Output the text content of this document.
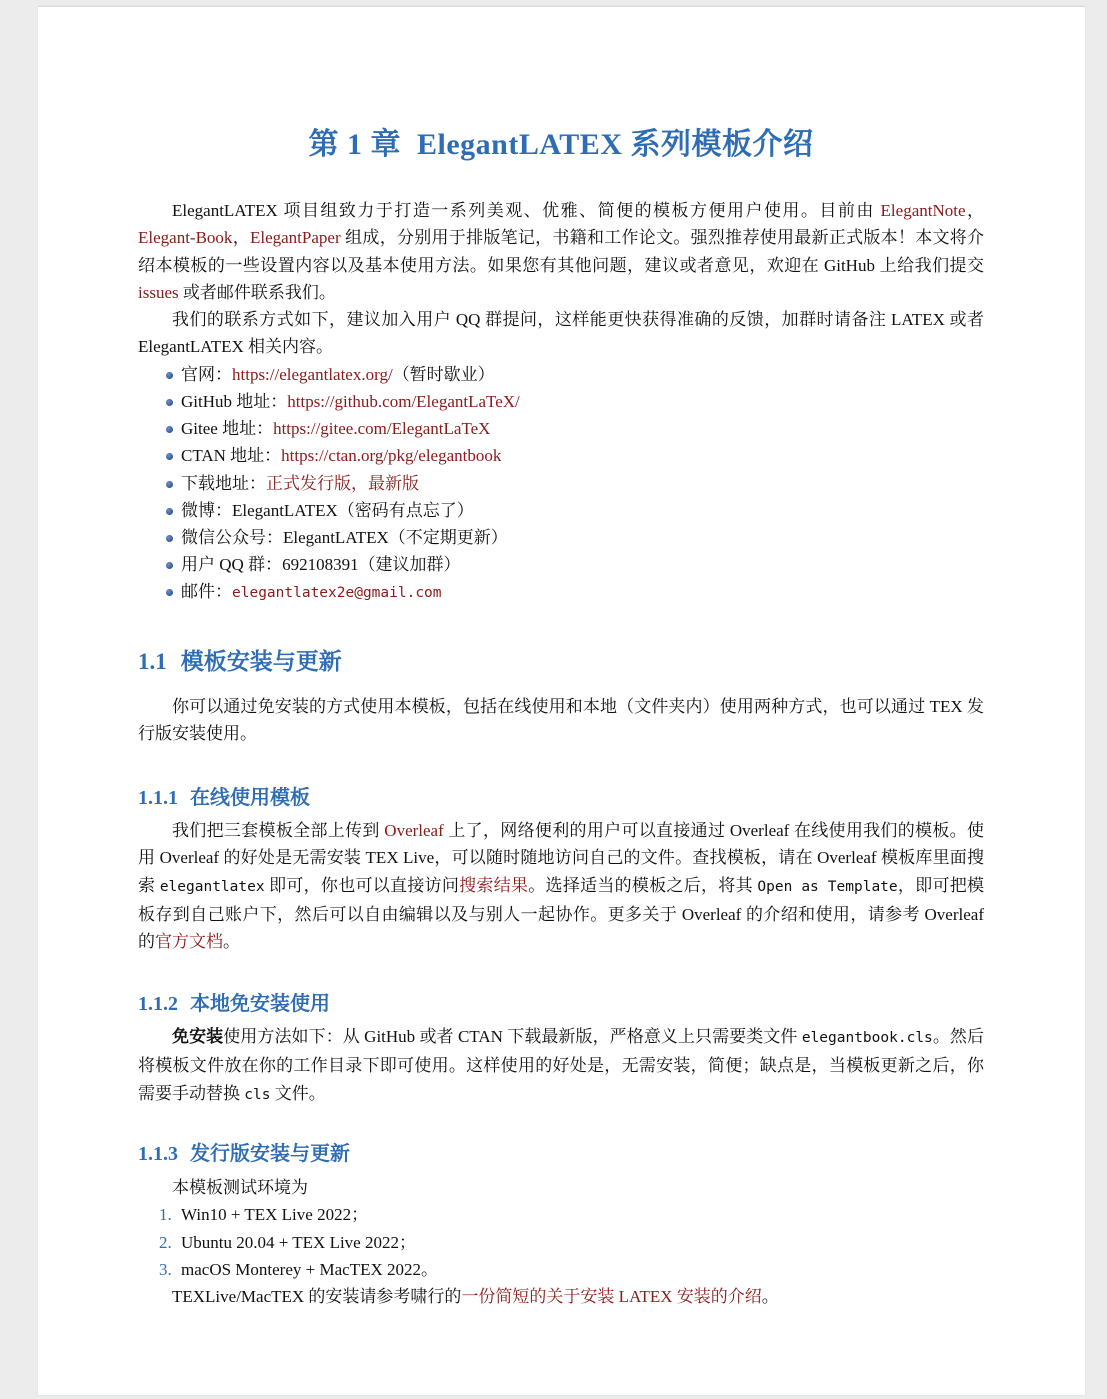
第 1 章 ElegantLATEX 系列模板介绍

ElegantLATEX 项目组致力于打造一系列美观、优雅、简便的模板方便用户使用。目前由 ElegantNote，Elegant-Book，ElegantPaper 组成，分别用于排版笔记，书籍和工作论文。强烈推荐使用最新正式版本！本文将介绍本模板的一些设置内容以及基本使用方法。如果您有其他问题，建议或者意见，欢迎在 GitHub 上给我们提交 issues 或者邮件联系我们。

我们的联系方式如下，建议加入用户 QQ 群提问，这样能更快获得准确的反馈，加群时请备注 LATEX 或者 ElegantLATEX 相关内容。

官网：https://elegantlatex.org/（暂时歇业）
GitHub 地址：https://github.com/ElegantLaTeX/
Gitee 地址：https://gitee.com/ElegantLaTeX
CTAN 地址：https://ctan.org/pkg/elegantbook
下载地址：正式发行版，最新版
微博：ElegantLATEX（密码有点忘了）
微信公众号：ElegantLATEX（不定期更新）
用户 QQ 群：692108391（建议加群）
邮件：elegantlatex2e@gmail.com
1.1 模板安装与更新

你可以通过免安装的方式使用本模板，包括在线使用和本地（文件夹内）使用两种方式，也可以通过 TEX 发行版安装使用。

1.1.1 在线使用模板

我们把三套模板全部上传到 Overleaf 上了，网络便利的用户可以直接通过 Overleaf 在线使用我们的模板。使用 Overleaf 的好处是无需安装 TEX Live，可以随时随地访问自己的文件。查找模板，请在 Overleaf 模板库里面搜索 elegantlatex 即可，你也可以直接访问搜索结果。选择适当的模板之后，将其 Open as Template，即可把模板存到自己账户下，然后可以自由编辑以及与别人一起协作。更多关于 Overleaf 的介绍和使用，请参考 Overleaf 的官方文档。

1.1.2 本地免安装使用

免安装使用方法如下：从 GitHub 或者 CTAN 下载最新版，严格意义上只需要类文件 elegantbook.cls。然后将模板文件放在你的工作目录下即可使用。这样使用的好处是，无需安装，简便；缺点是，当模板更新之后，你需要手动替换 cls 文件。

1.1.3 发行版安装与更新

本模板测试环境为

1. Win10 + TEX Live 2022；
2. Ubuntu 20.04 + TEX Live 2022；
3. macOS Monterey + MacTEX 2022。

TEXLive/MacTEX 的安装请参考啸行的一份简短的关于安装 LATEX 安装的介绍。
